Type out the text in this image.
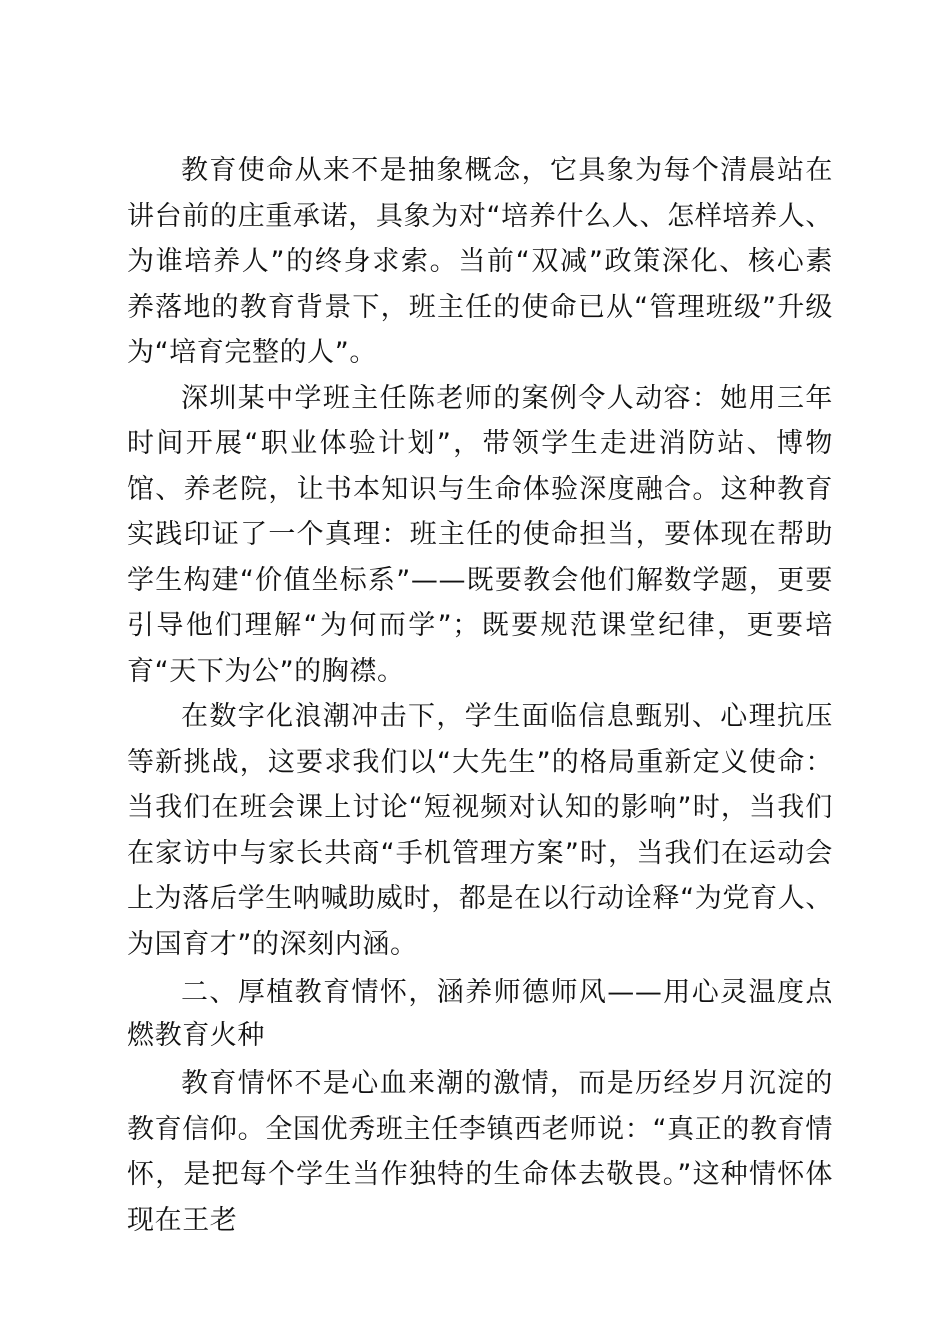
教育使命从来不是抽象概念，它具象为每个清晨站在讲台前的庄重承诺，具象为对“培养什么人、怎样培养人、为谁培养人”的终身求索。当前“双减”政策深化、核心素养落地的教育背景下，班主任的使命已从“管理班级”升级为“培育完整的人”。

深圳某中学班主任陈老师的案例令人动容：她用三年时间开展“职业体验计划”，带领学生走进消防站、博物馆、养老院，让书本知识与生命体验深度融合。这种教育实践印证了一个真理：班主任的使命担当，要体现在帮助学生构建“价值坐标系”——既要教会他们解数学题，更要引导他们理解“为何而学”；既要规范课堂纪律，更要培育“天下为公”的胸襟。

在数字化浪潮冲击下，学生面临信息甄别、心理抗压等新挑战，这要求我们以“大先生”的格局重新定义使命：当我们在班会课上讨论“短视频对认知的影响”时，当我们在家访中与家长共商“手机管理方案”时，当我们在运动会上为落后学生呐喊助威时，都是在以行动诠释“为党育人、为国育才”的深刻内涵。

二、厚植教育情怀，涵养师德师风——用心灵温度点燃教育火种

教育情怀不是心血来潮的激情，而是历经岁月沉淀的教育信仰。全国优秀班主任李镇西老师说：“真正的教育情怀，是把每个学生当作独特的生命体去敬畏。”这种情怀体现在王老
